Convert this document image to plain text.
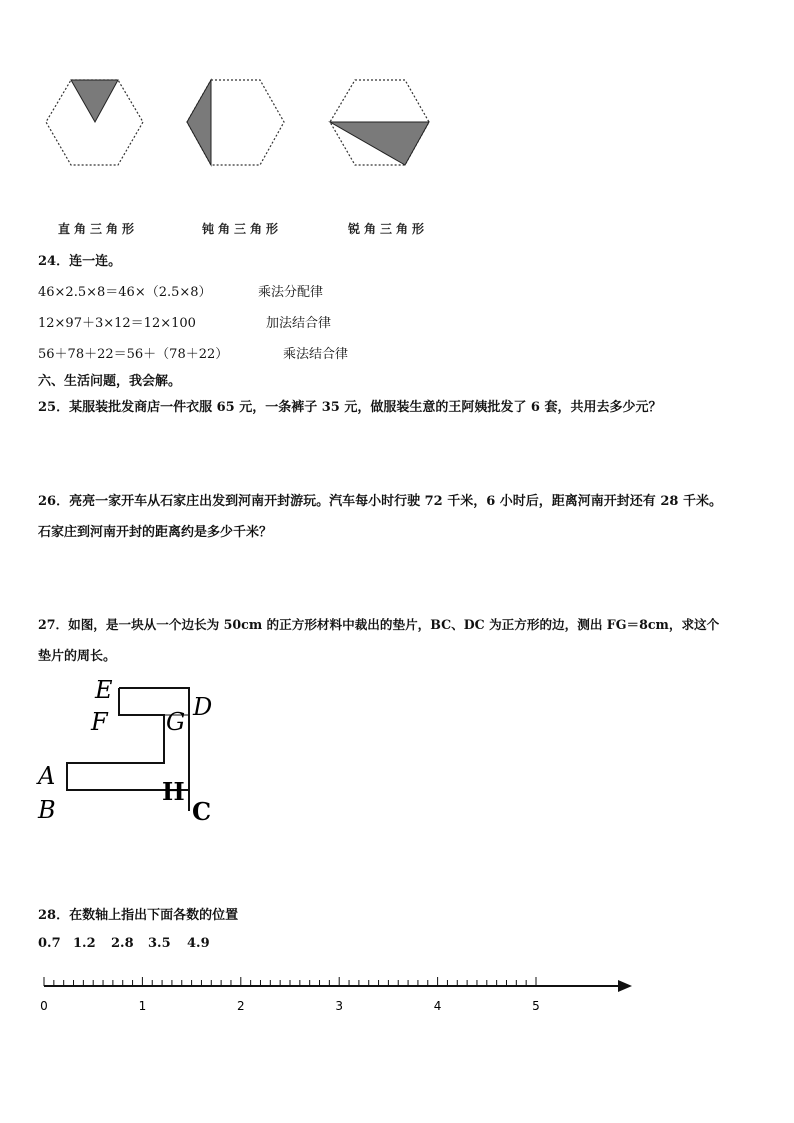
直角三角形	钝角三角形	锐角三角形
24．连一连。
46×2.5×8＝46×（2.5×8）	乘法分配律
12×97＋3×12＝12×100	加法结合律
56＋78＋22＝56＋（78＋22）	乘法结合律
六、生活问题，我会解。
25．某服装批发商店一件衣服 65 元，一条裤子 35 元，做服装生意的王阿姨批发了 6 套，共用去多少元？
26．亮亮一家开车从石家庄出发到河南开封游玩。汽车每小时行驶 72 千米，6 小时后，距离河南开封还有 28 千米。
石家庄到河南开封的距离约是多少千米？
27．如图，是一块从一个边长为 50cm 的正方形材料中裁出的垫片，BC、DC 为正方形的边，测出 FG＝8cm，求这个
垫片的周长。
E
F G
D
A
B
H
C
28．在数轴上指出下面各数的位置
0.7 1.2 2.8 3.5 4.9
0	1	2	3	4	5
